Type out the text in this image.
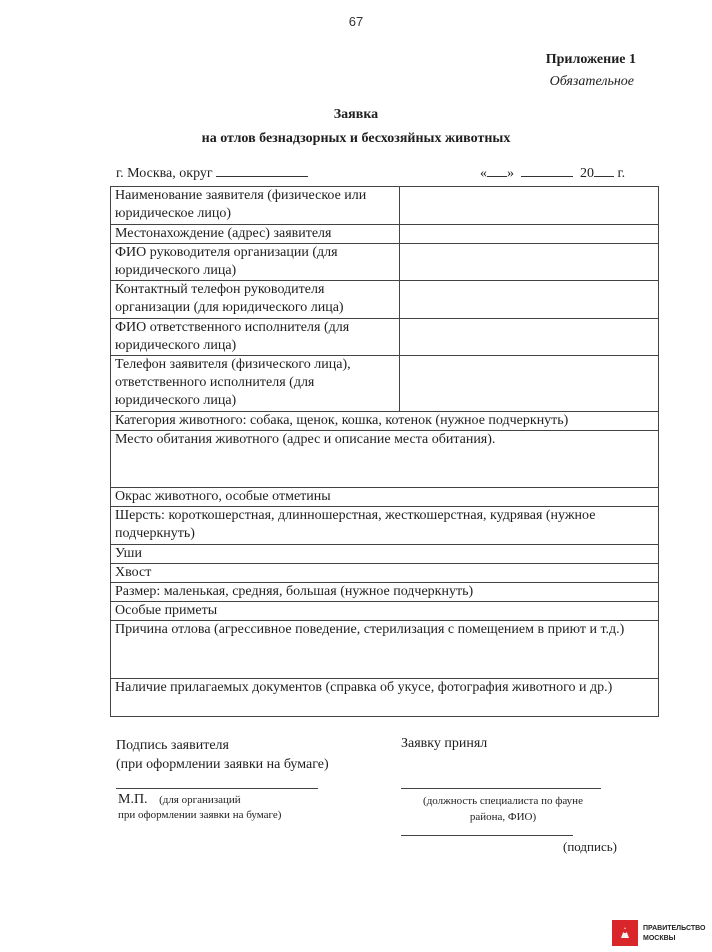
67
Приложение 1
Обязательное
Заявка
на отлов безнадзорных и бесхозяйных животных
г. Москва, округ	« »	20 г.
Наименование заявителя (физическое или юридическое лицо)	
Местонахождение (адрес) заявителя	
ФИО руководителя организации (для юридического лица)	
Контактный телефон руководителя организации (для юридического лица)	
ФИО ответственного исполнителя (для юридического лица)	
Телефон заявителя (физического лица), ответственного исполнителя (для юридического лица)	
Категория животного: собака, щенок, кошка, котенок (нужное подчеркнуть)	
Место обитания животного (адрес и описание места обитания).	
Окрас животного, особые отметины	
Шерсть: короткошерстная, длинношерстная, жесткошерстная, кудрявая (нужное подчеркнуть)	
Уши	
Хвост	
Размер: маленькая, средняя, большая (нужное подчеркнуть)	
Особые приметы	
Причина отлова (агрессивное поведение, стерилизация с помещением в приют и т.д.)	
Наличие прилагаемых документов (справка об укусе, фотография животного и др.)	
Подпись заявителя
(при оформлении заявки на бумаге)
Заявку принял
М.П. (для организаций
при оформлении заявки на бумаге)
(должность специалиста по фауне
района, ФИО)
(подпись)
ПРАВИТЕЛЬСТВО
МОСКВЫ
